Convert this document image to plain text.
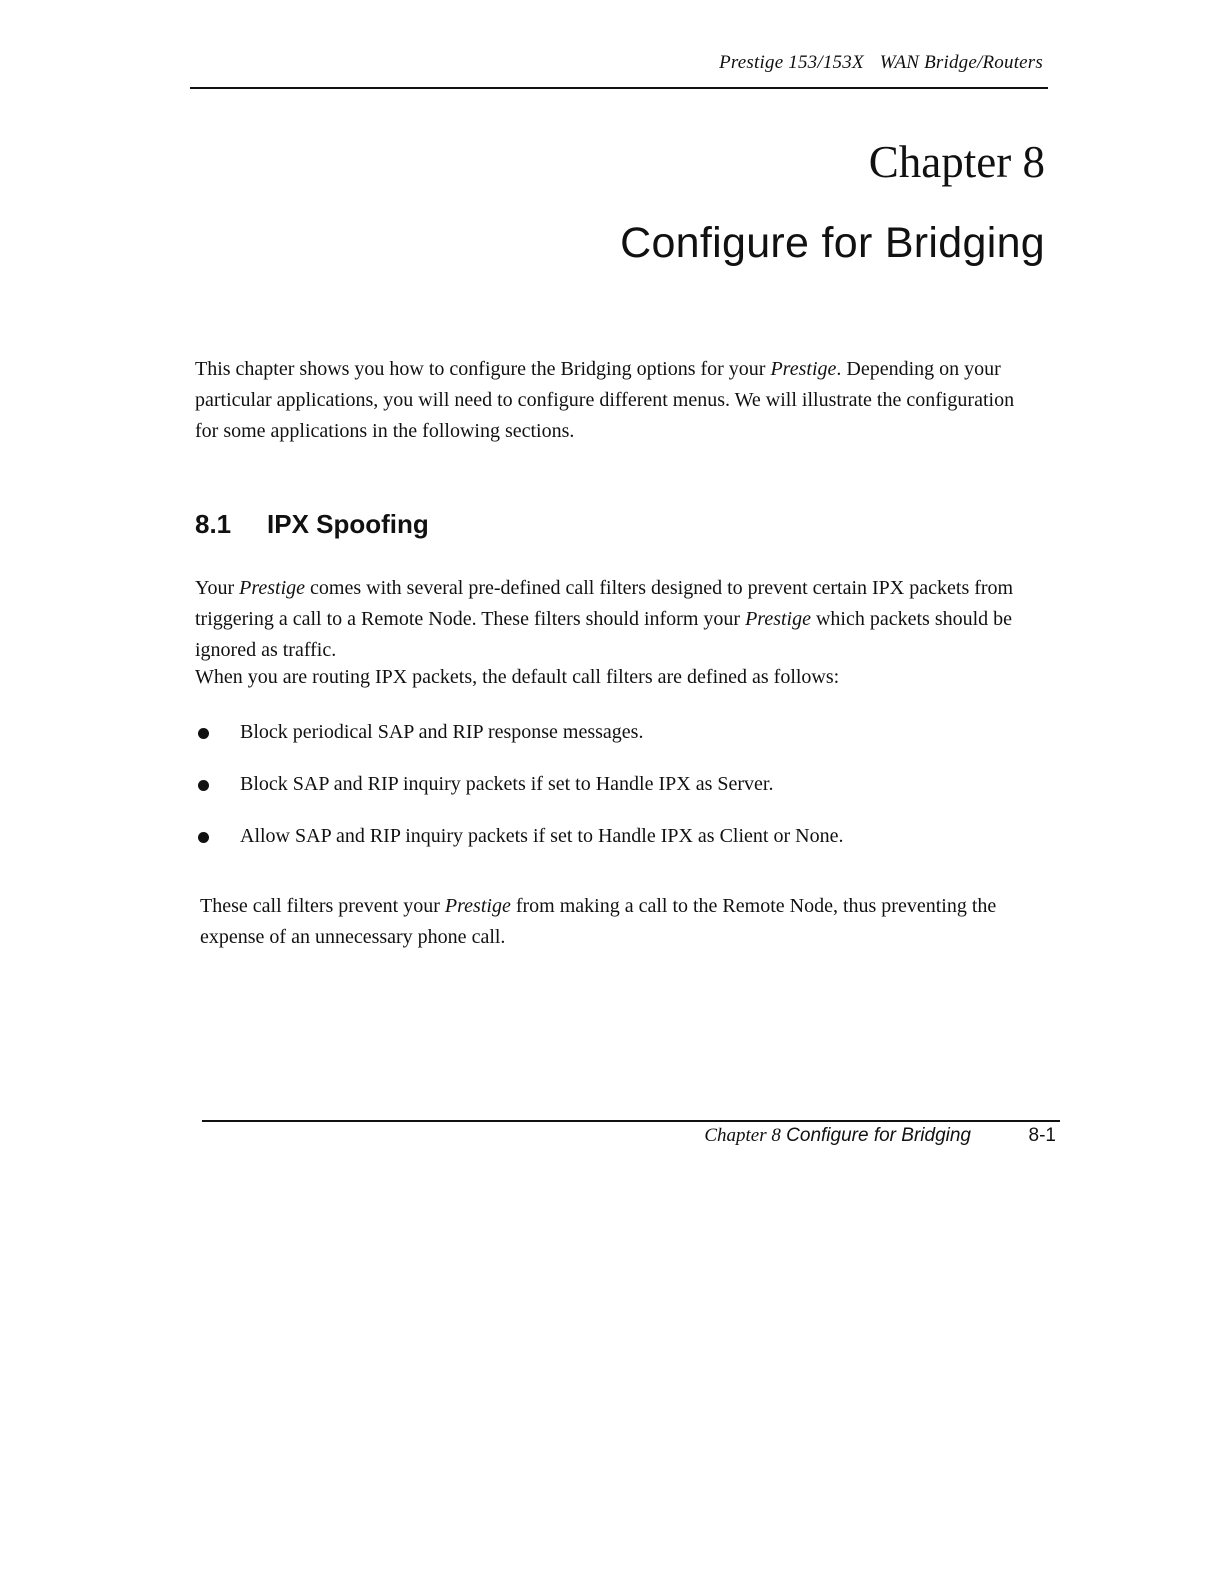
Prestige 153/153X WAN Bridge/Routers
Chapter 8
Configure for Bridging

This chapter shows you how to configure the Bridging options for your Prestige. Depending on your particular applications, you will need to configure different menus. We will illustrate the configuration for some applications in the following sections.

8.1 IPX Spoofing

Your Prestige comes with several pre-defined call filters designed to prevent certain IPX packets from triggering a call to a Remote Node. These filters should inform your Prestige which packets should be ignored as traffic.

When you are routing IPX packets, the default call filters are defined as follows:

Block periodical SAP and RIP response messages.
Block SAP and RIP inquiry packets if set to Handle IPX as Server.
Allow SAP and RIP inquiry packets if set to Handle IPX as Client or None.

These call filters prevent your Prestige from making a call to the Remote Node, thus preventing the expense of an unnecessary phone call.

Chapter 8 Configure for Bridging	8-1
